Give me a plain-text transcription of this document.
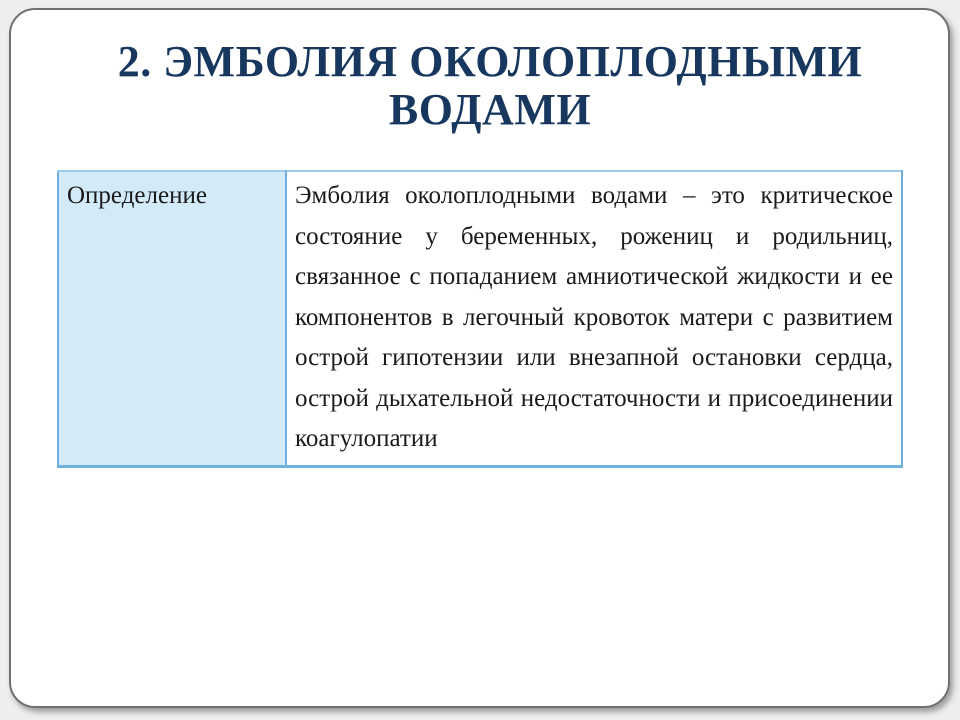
2. ЭМБОЛИЯ ОКОЛОПЛОДНЫМИ ВОДАМИ
Определение	Эмболия околоплодными водами – это критическое состояние у беременных, рожениц и родильниц, связанное с попаданием амниотической жидкости и ее компонентов в легочный кровоток матери с развитием острой гипотензии или внезапной остановки сердца, острой дыхательной недостаточности и присоединении коагулопатии
